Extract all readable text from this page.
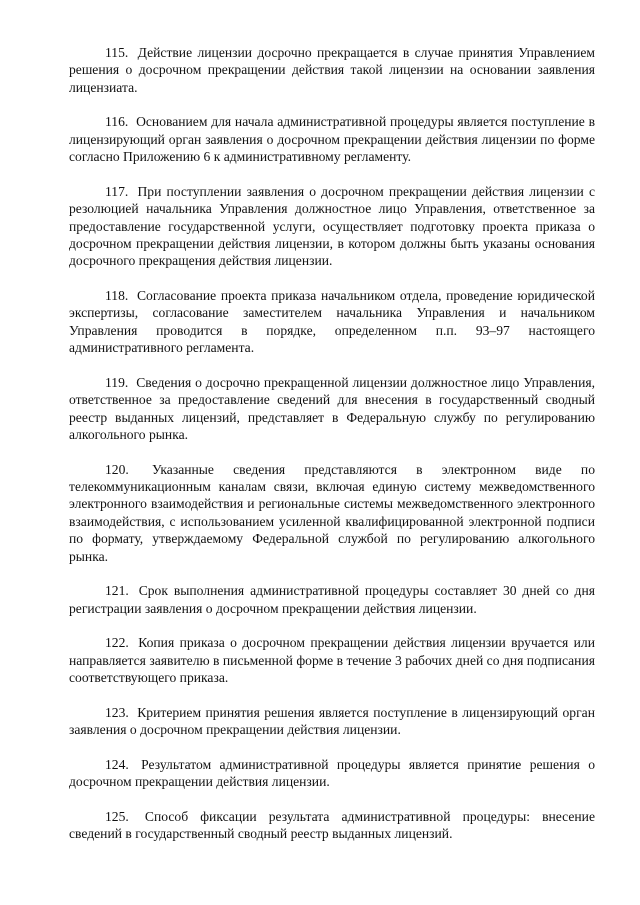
115. Действие лицензии досрочно прекращается в случае принятия Управлением решения о досрочном прекращении действия такой лицензии на основании заявления лицензиата.

116. Основанием для начала административной процедуры является поступление в лицензирующий орган заявления о досрочном прекращении действия лицензии по форме согласно Приложению 6 к административному регламенту.

117. При поступлении заявления о досрочном прекращении действия лицензии с резолюцией начальника Управления должностное лицо Управления, ответственное за предоставление государственной услуги, осуществляет подготовку проекта приказа о досрочном прекращении действия лицензии, в котором должны быть указаны основания досрочного прекращения действия лицензии.

118. Согласование проекта приказа начальником отдела, проведение юридической экспертизы, согласование заместителем начальника Управления и начальником Управления проводится в порядке, определенном п.п. 93–97 настоящего административного регламента.

119. Сведения о досрочно прекращенной лицензии должностное лицо Управления, ответственное за предоставление сведений для внесения в государственный сводный реестр выданных лицензий, представляет в Федеральную службу по регулированию алкогольного рынка.

120. Указанные сведения представляются в электронном виде по телекоммуникационным каналам связи, включая единую систему межведомственного электронного взаимодействия и региональные системы межведомственного электронного взаимодействия, с использованием усиленной квалифицированной электронной подписи по формату, утверждаемому Федеральной службой по регулированию алкогольного рынка.

121. Срок выполнения административной процедуры составляет 30 дней со дня регистрации заявления о досрочном прекращении действия лицензии.

122. Копия приказа о досрочном прекращении действия лицензии вручается или направляется заявителю в письменной форме в течение 3 рабочих дней со дня подписания соответствующего приказа.

123. Критерием принятия решения является поступление в лицензирующий орган заявления о досрочном прекращении действия лицензии.

124. Результатом административной процедуры является принятие решения о досрочном прекращении действия лицензии.

125. Способ фиксации результата административной процедуры: внесение сведений в государственный сводный реестр выданных лицензий.
